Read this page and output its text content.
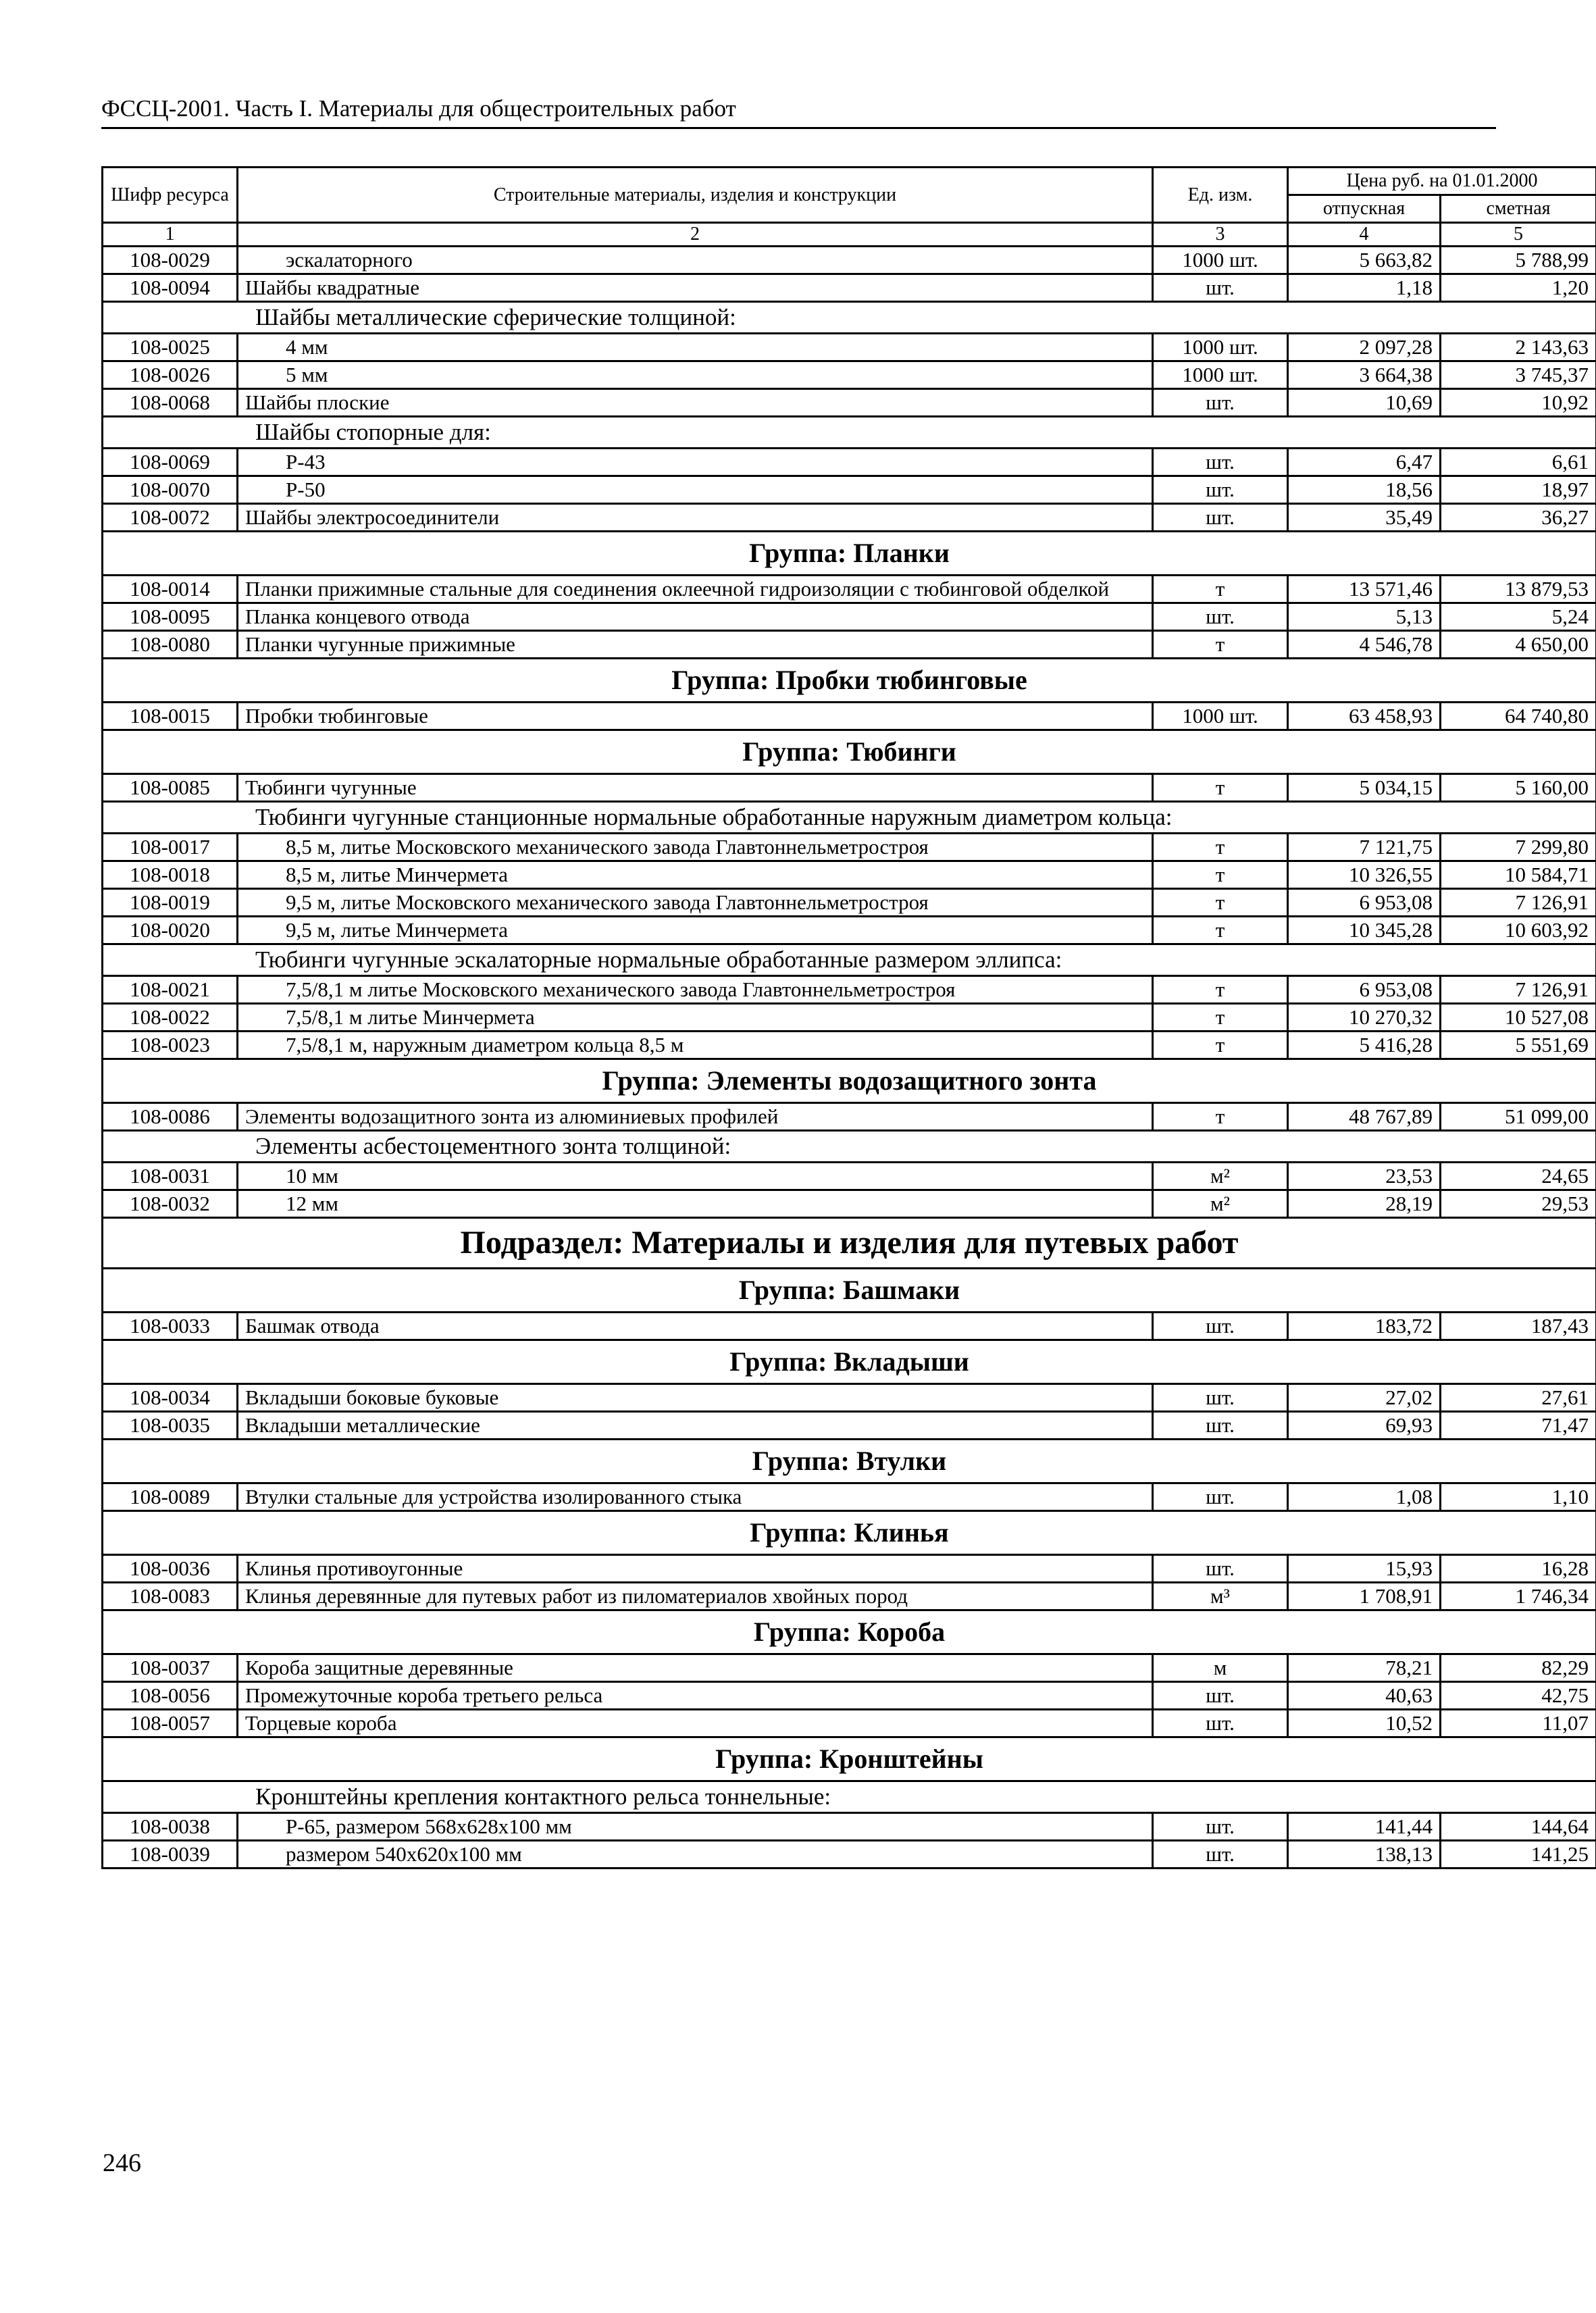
ФССЦ-2001. Часть I. Материалы для общестроительных работ
Шифр ресурса	Строительные материалы, изделия и конструкции	Ед. изм.	Цена руб. на 01.01.2000	
			отпускная	сметная
1	2	3	4	5
108-0029	эскалаторного	1000 шт.	5 663,82	5 788,99
108-0094	Шайбы квадратные	шт.	1,18	1,20
Шайбы металлические сферические толщиной:				
108-0025	4 мм	1000 шт.	2 097,28	2 143,63
108-0026	5 мм	1000 шт.	3 664,38	3 745,37
108-0068	Шайбы плоские	шт.	10,69	10,92
Шайбы стопорные для:				
108-0069	Р-43	шт.	6,47	6,61
108-0070	Р-50	шт.	18,56	18,97
108-0072	Шайбы электросоединители	шт.	35,49	36,27
Группа: Планки				
108-0014	Планки прижимные стальные для соединения оклеечной гидроизоляции с тюбинговой обделкой	т	13 571,46	13 879,53
108-0095	Планка концевого отвода	шт.	5,13	5,24
108-0080	Планки чугунные прижимные	т	4 546,78	4 650,00
Группа: Пробки тюбинговые				
108-0015	Пробки тюбинговые	1000 шт.	63 458,93	64 740,80
Группа: Тюбинги				
108-0085	Тюбинги чугунные	т	5 034,15	5 160,00
Тюбинги чугунные станционные нормальные обработанные наружным диаметром кольца:				
108-0017	8,5 м, литье Московского механического завода Главтоннельметростроя	т	7 121,75	7 299,80
108-0018	8,5 м, литье Минчермета	т	10 326,55	10 584,71
108-0019	9,5 м, литье Московского механического завода Главтоннельметростроя	т	6 953,08	7 126,91
108-0020	9,5 м, литье Минчермета	т	10 345,28	10 603,92
Тюбинги чугунные эскалаторные нормальные обработанные размером эллипса:				
108-0021	7,5/8,1 м литье Московского механического завода Главтоннельметростроя	т	6 953,08	7 126,91
108-0022	7,5/8,1 м литье Минчермета	т	10 270,32	10 527,08
108-0023	7,5/8,1 м, наружным диаметром кольца 8,5 м	т	5 416,28	5 551,69
Группа: Элементы водозащитного зонта				
108-0086	Элементы водозащитного зонта из алюминиевых профилей	т	48 767,89	51 099,00
Элементы асбестоцементного зонта толщиной:				
108-0031	10 мм	м²	23,53	24,65
108-0032	12 мм	м²	28,19	29,53
Подраздел: Материалы и изделия для путевых работ				
Группа: Башмаки				
108-0033	Башмак отвода	шт.	183,72	187,43
Группа: Вкладыши				
108-0034	Вкладыши боковые буковые	шт.	27,02	27,61
108-0035	Вкладыши металлические	шт.	69,93	71,47
Группа: Втулки				
108-0089	Втулки стальные для устройства изолированного стыка	шт.	1,08	1,10
Группа: Клинья				
108-0036	Клинья противоугонные	шт.	15,93	16,28
108-0083	Клинья деревянные для путевых работ из пиломатериалов хвойных пород	м³	1 708,91	1 746,34
Группа: Короба				
108-0037	Короба защитные деревянные	м	78,21	82,29
108-0056	Промежуточные короба третьего рельса	шт.	40,63	42,75
108-0057	Торцевые короба	шт.	10,52	11,07
Группа: Кронштейны				
Кронштейны крепления контактного рельса тоннельные:				
108-0038	Р-65, размером 568х628х100 мм	шт.	141,44	144,64
108-0039	размером 540х620х100 мм	шт.	138,13	141,25
246
